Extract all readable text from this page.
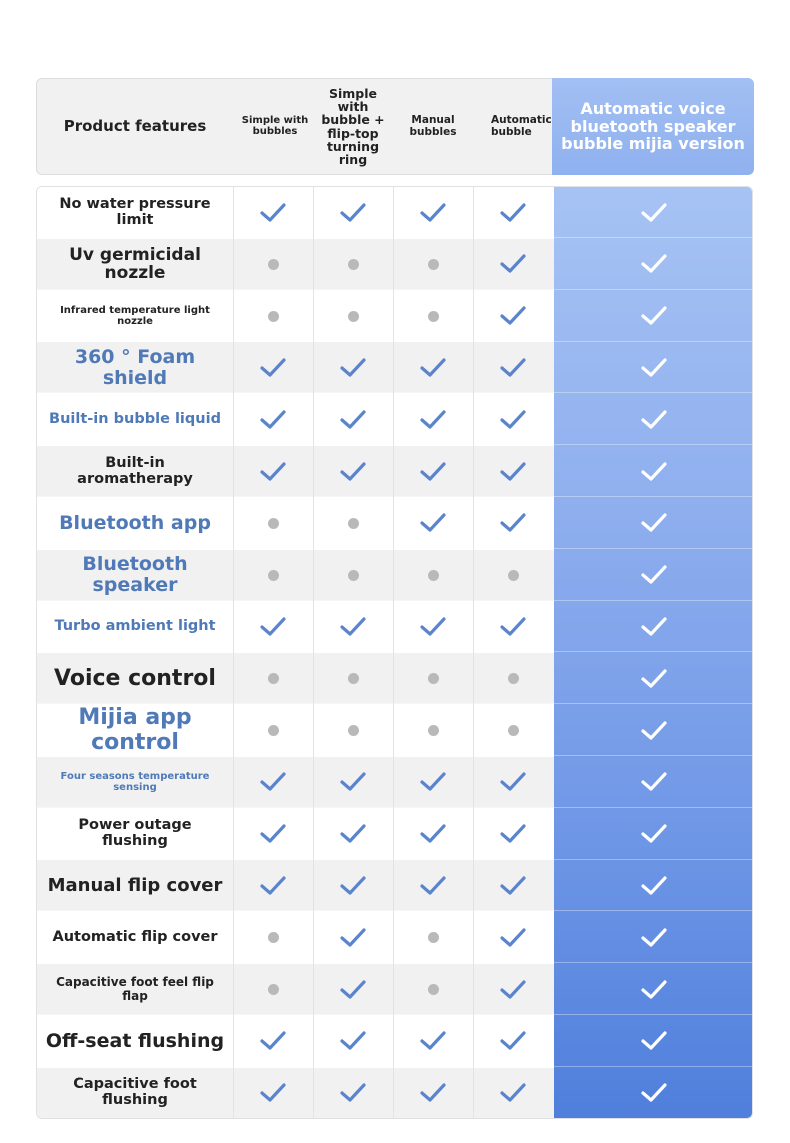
Product features	Simple with bubbles
Simple with bubble + flip-top turning ring
Manual bubbles
Automatic bubble
Automatic voice bluetooth speaker bubble mijia version
No water pressure limit
Uv germicidal nozzle
Infrared temperature light nozzle
360 ° Foam shield
Built-in bubble liquid
Built-in aromatherapy
Bluetooth app
Bluetooth speaker
Turbo ambient light
Voice control
Mijia app control
Four seasons temperature sensing
Power outage flushing
Manual flip cover
Automatic flip cover
Capacitive foot feel flip flap
Off-seat flushing
Capacitive foot flushing
